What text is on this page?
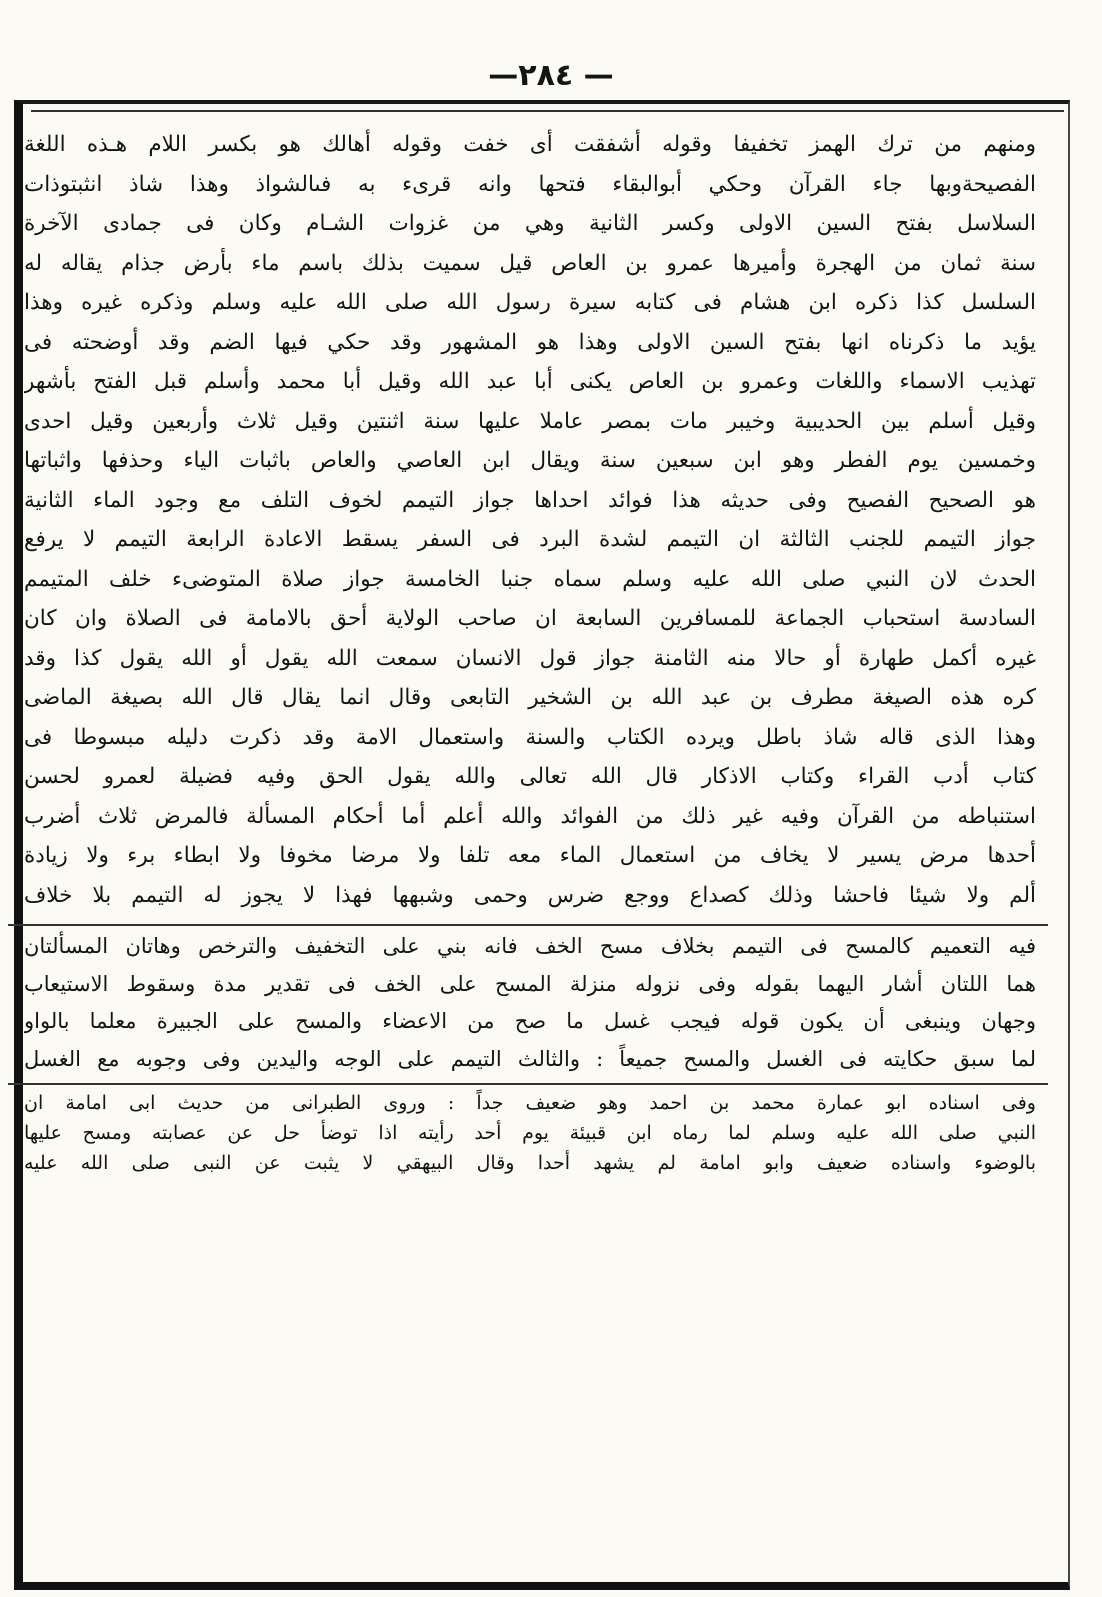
—٢٨٤ —
ومنهم من ترك الهمز تخفيفا وقوله أشفقت أى خفت وقوله أهالك هو بكسر اللام هـذه اللغة
الفصيحةوبها جاء القرآن وحكي أبوالبقاء فتحها وانه قرىء به فىالشواذ وهذا شاذ انثبتوذات
السلاسل بفتح السين الاولى وكسر الثانية وهي من غزوات الشـام وكان فى جمادى الآخرة
سنة ثمان من الهجرة وأميرها عمرو بن العاص قيل سميت بذلك باسم ماء بأرض جذام يقاله له
السلسل كذا ذكره ابن هشام فى كتابه سيرة رسول الله صلى الله عليه وسلم وذكره غيره وهذا
يؤيد ما ذكرناه انها بفتح السين الاولى وهذا هو المشهور وقد حكي فيها الضم وقد أوضحته فى
تهذيب الاسماء واللغات وعمرو بن العاص يكنى أبا عبد الله وقيل أبا محمد وأسلم قبل الفتح بأشهر
وقيل أسلم بين الحديبية وخيبر مات بمصر عاملا عليها سنة اثنتين وقيل ثلاث وأربعين وقيل احدى
وخمسين يوم الفطر وهو ابن سبعين سنة ويقال ابن العاصي والعاص باثبات الياء وحذفها واثباتها
هو الصحيح الفصيح وفى حديثه هذا فوائد احداها جواز التيمم لخوف التلف مع وجود الماء الثانية
جواز التيمم للجنب الثالثة ان التيمم لشدة البرد فى السفر يسقط الاعادة الرابعة التيمم لا يرفع
الحدث لان النبي صلى الله عليه وسلم سماه جنبا الخامسة جواز صلاة المتوضىء خلف المتيمم
السادسة استحباب الجماعة للمسافرين السابعة ان صاحب الولاية أحق بالامامة فى الصلاة وان كان
غيره أكمل طهارة أو حالا منه الثامنة جواز قول الانسان سمعت الله يقول أو الله يقول كذا وقد
كره هذه الصيغة مطرف بن عبد الله بن الشخير التابعى وقال انما يقال قال الله بصيغة الماضى
وهذا الذى قاله شاذ باطل ويرده الكتاب والسنة واستعمال الامة وقد ذكرت دليله مبسوطا فى
كتاب أدب القراء وكتاب الاذكار قال الله تعالى والله يقول الحق وفيه فضيلة لعمرو لحسن
استنباطه من القرآن وفيه غير ذلك من الفوائد والله أعلم أما أحكام المسألة فالمرض ثلاث أضرب
أحدها مرض يسير لا يخاف من استعمال الماء معه تلفا ولا مرضا مخوفا ولا ابطاء برء ولا زيادة
ألم ولا شيئا فاحشا وذلك كصداع ووجع ضرس وحمى وشبهها فهذا لا يجوز له التيمم بلا خلاف
فيه التعميم كالمسح فى التيمم بخلاف مسح الخف فانه بني على التخفيف والترخص وهاتان المسألتان
هما اللتان أشار اليهما بقوله وفى نزوله منزلة المسح على الخف فى تقدير مدة وسقوط الاستيعاب
وجهان وينبغى أن يكون قوله فيجب غسل ما صح من الاعضاء والمسح على الجبيرة معلما بالواو
لما سبق حكايته فى الغسل والمسح جميعاً : والثالث التيمم على الوجه واليدين وفى وجوبه مع الغسل
وفى اسناده ابو عمارة محمد بن احمد وهو ضعيف جداً : وروى الطبرانى من حديث ابى امامة ان
النبي صلى الله عليه وسلم لما رماه ابن قبيئة يوم أحد رأيته اذا توضأ حل عن عصابته ومسح عليها
بالوضوء واسناده ضعيف وابو امامة لم يشهد أحدا وقال البيهقي لا يثبت عن النبى صلى الله عليه
